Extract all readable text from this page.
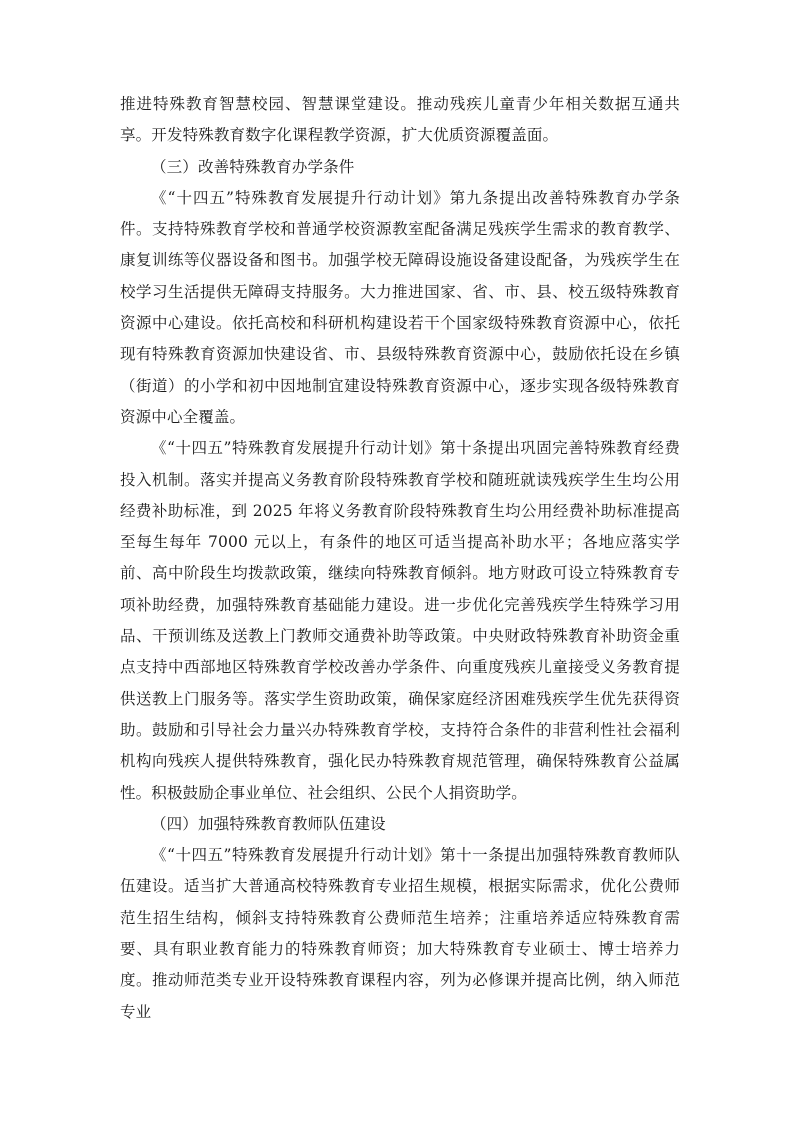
推进特殊教育智慧校园、智慧课堂建设。推动残疾儿童青少年相关数据互通共享。开发特殊教育数字化课程教学资源，扩大优质资源覆盖面。

（三）改善特殊教育办学条件

《“十四五”特殊教育发展提升行动计划》第九条提出改善特殊教育办学条件。支持特殊教育学校和普通学校资源教室配备满足残疾学生需求的教育教学、康复训练等仪器设备和图书。加强学校无障碍设施设备建设配备，为残疾学生在校学习生活提供无障碍支持服务。大力推进国家、省、市、县、校五级特殊教育资源中心建设。依托高校和科研机构建设若干个国家级特殊教育资源中心，依托现有特殊教育资源加快建设省、市、县级特殊教育资源中心，鼓励依托设在乡镇（街道）的小学和初中因地制宜建设特殊教育资源中心，逐步实现各级特殊教育资源中心全覆盖。

《“十四五”特殊教育发展提升行动计划》第十条提出巩固完善特殊教育经费投入机制。落实并提高义务教育阶段特殊教育学校和随班就读残疾学生生均公用经费补助标准，到 2025 年将义务教育阶段特殊教育生均公用经费补助标准提高至每生每年 7000 元以上，有条件的地区可适当提高补助水平；各地应落实学前、高中阶段生均拨款政策，继续向特殊教育倾斜。地方财政可设立特殊教育专项补助经费，加强特殊教育基础能力建设。进一步优化完善残疾学生特殊学习用品、干预训练及送教上门教师交通费补助等政策。中央财政特殊教育补助资金重点支持中西部地区特殊教育学校改善办学条件、向重度残疾儿童接受义务教育提供送教上门服务等。落实学生资助政策，确保家庭经济困难残疾学生优先获得资助。鼓励和引导社会力量兴办特殊教育学校，支持符合条件的非营利性社会福利机构向残疾人提供特殊教育，强化民办特殊教育规范管理，确保特殊教育公益属性。积极鼓励企事业单位、社会组织、公民个人捐资助学。

（四）加强特殊教育教师队伍建设

《“十四五”特殊教育发展提升行动计划》第十一条提出加强特殊教育教师队伍建设。适当扩大普通高校特殊教育专业招生规模，根据实际需求，优化公费师范生招生结构，倾斜支持特殊教育公费师范生培养；注重培养适应特殊教育需要、具有职业教育能力的特殊教育师资；加大特殊教育专业硕士、博士培养力度。推动师范类专业开设特殊教育课程内容，列为必修课并提高比例，纳入师范专业
